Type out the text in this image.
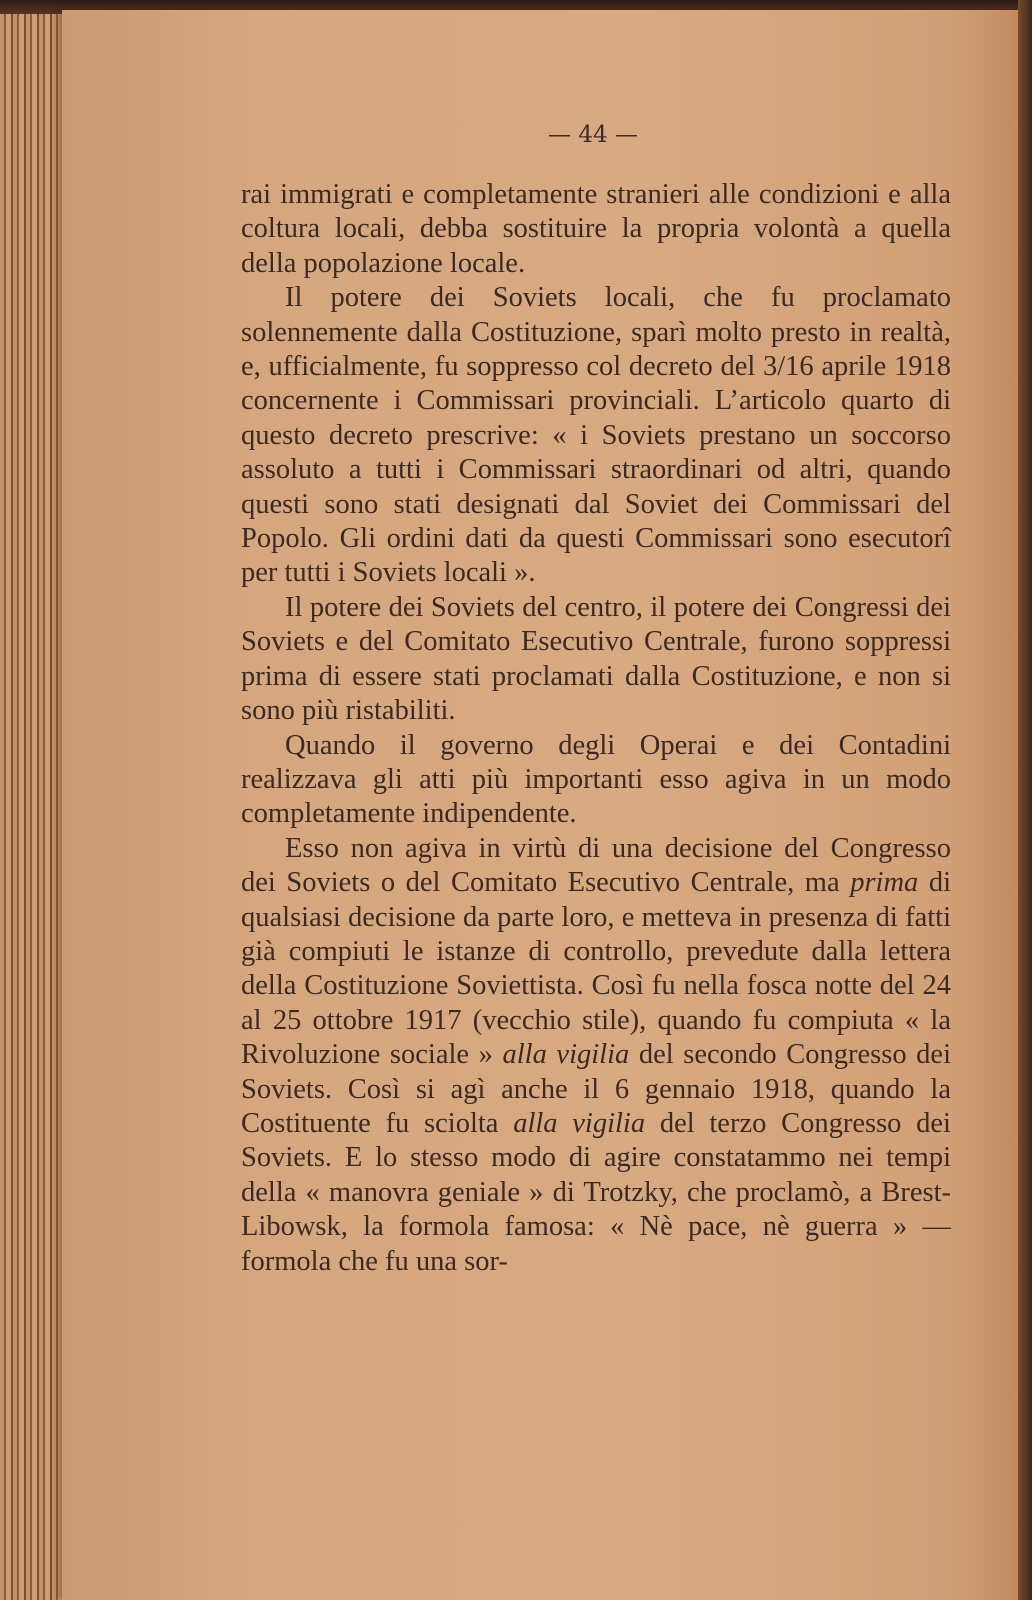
— 44 —

rai immigrati e completamente stranieri alle condizioni e alla coltura locali, debba sostituire la propria volontà a quella della popolazione locale.

Il potere dei Soviets locali, che fu proclamato solennemente dalla Costituzione, sparì molto presto in realtà, e, ufficialmente, fu soppresso col decreto del 3/16 aprile 1918 concernente i Commissari provinciali. L’articolo quarto di questo decreto prescrive: « i Soviets prestano un soccorso assoluto a tutti i Commissari straordinari od altri, quando questi sono stati designati dal Soviet dei Commissari del Popolo. Gli ordini dati da questi Commissari sono esecutorî per tutti i Soviets locali ».

Il potere dei Soviets del centro, il potere dei Congressi dei Soviets e del Comitato Esecutivo Centrale, furono soppressi prima di essere stati proclamati dalla Costituzione, e non si sono più ristabiliti.

Quando il governo degli Operai e dei Contadini realizzava gli atti più importanti esso agiva in un modo completamente indipendente.

Esso non agiva in virtù di una decisione del Congresso dei Soviets o del Comitato Esecutivo Centrale, ma prima di qualsiasi decisione da parte loro, e metteva in presenza di fatti già compiuti le istanze di controllo, prevedute dalla lettera della Costituzione Soviettista. Così fu nella fosca notte del 24 al 25 ottobre 1917 (vecchio stile), quando fu compiuta « la Rivoluzione sociale » alla vigilia del secondo Congresso dei Soviets. Così si agì anche il 6 gennaio 1918, quando la Costituente fu sciolta alla vigilia del terzo Congresso dei Soviets. E lo stesso modo di agire constatammo nei tempi della « manovra geniale » di Trotzky, che proclamò, a Brest-Libowsk, la formola famosa: « Nè pace, nè guerra » — formola che fu una sor-
